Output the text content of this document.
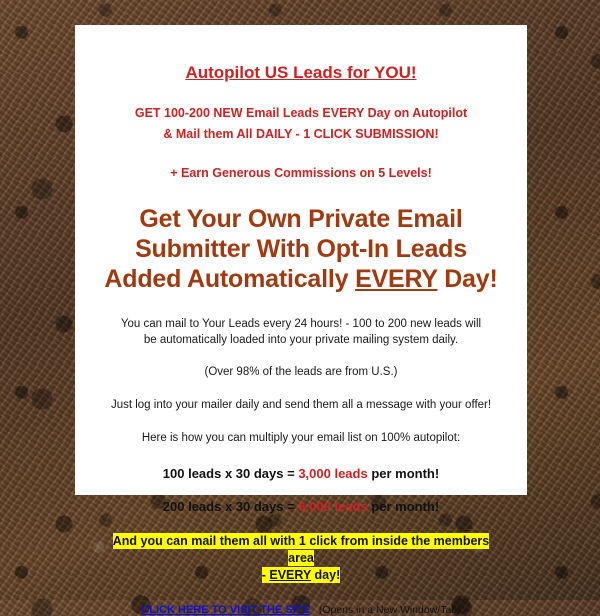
Autopilot US Leads for YOU!

GET 100-200 NEW Email Leads EVERY Day on Autopilot

& Mail them All DAILY - 1 CLICK SUBMISSION!

+ Earn Generous Commissions on 5 Levels!

Get Your Own Private Email
Submitter With Opt-In Leads
Added Automatically EVERY Day!

You can mail to Your Leads every 24 hours! - 100 to 200 new leads will

be automatically loaded into your private mailing system daily.

(Over 98% of the leads are from U.S.)

Just log into your mailer daily and send them all a message with your offer!

Here is how you can multiply your email list on 100% autopilot:

100 leads x 30 days = 3,000 leads per month!

200 leads x 30 days = 6,000 leads per month!

And you can mail them all with 1 click from inside the members area
- EVERY day!
CLICK HERE TO VISIT THE SITE (Opens in a New Window/Tab)
